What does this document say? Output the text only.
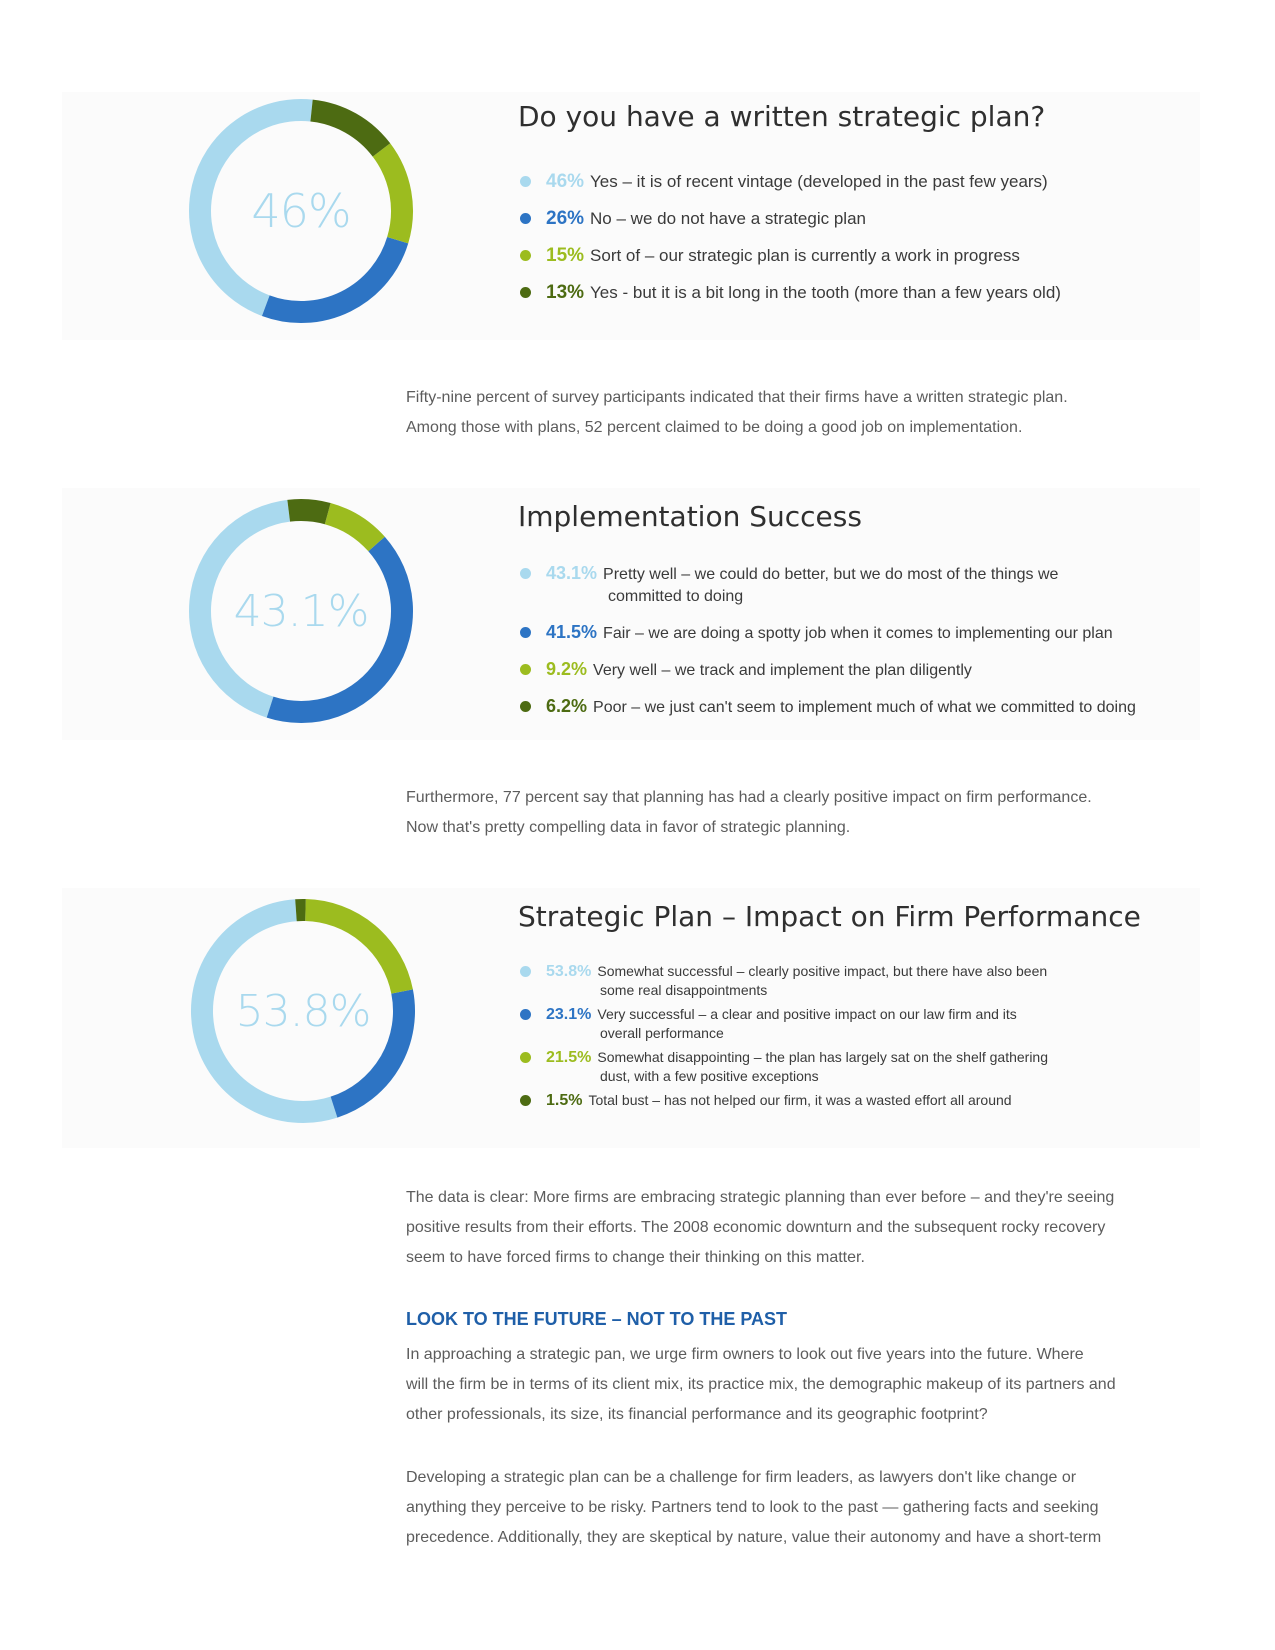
46%
Do you have a written strategic plan?
46% Yes – it is of recent vintage (developed in the past few years)
26% No – we do not have a strategic plan
15% Sort of – our strategic plan is currently a work in progress
13% Yes - but it is a bit long in the tooth (more than a few years old)

Fifty-nine percent of survey participants indicated that their firms have a written strategic plan.
Among those with plans, 52 percent claimed to be doing a good job on implementation.

43.1%
Implementation Success
43.1% Pretty well – we could do better, but we do most of the things we
committed to doing
41.5% Fair – we are doing a spotty job when it comes to implementing our plan
9.2% Very well – we track and implement the plan diligently
6.2% Poor – we just can't seem to implement much of what we committed to doing

Furthermore, 77 percent say that planning has had a clearly positive impact on firm performance.
Now that's pretty compelling data in favor of strategic planning.

53.8%
Strategic Plan – Impact on Firm Performance
53.8% Somewhat successful – clearly positive impact, but there have also been
some real disappointments
23.1% Very successful – a clear and positive impact on our law firm and its
overall performance
21.5% Somewhat disappointing – the plan has largely sat on the shelf gathering
dust, with a few positive exceptions
1.5% Total bust – has not helped our firm, it was a wasted effort all around

The data is clear: More firms are embracing strategic planning than ever before – and they're seeing
positive results from their efforts. The 2008 economic downturn and the subsequent rocky recovery
seem to have forced firms to change their thinking on this matter.

LOOK TO THE FUTURE – NOT TO THE PAST

In approaching a strategic pan, we urge firm owners to look out five years into the future. Where
will the firm be in terms of its client mix, its practice mix, the demographic makeup of its partners and
other professionals, its size, its financial performance and its geographic footprint?

Developing a strategic plan can be a challenge for firm leaders, as lawyers don't like change or
anything they perceive to be risky. Partners tend to look to the past — gathering facts and seeking
precedence. Additionally, they are skeptical by nature, value their autonomy and have a short-term
